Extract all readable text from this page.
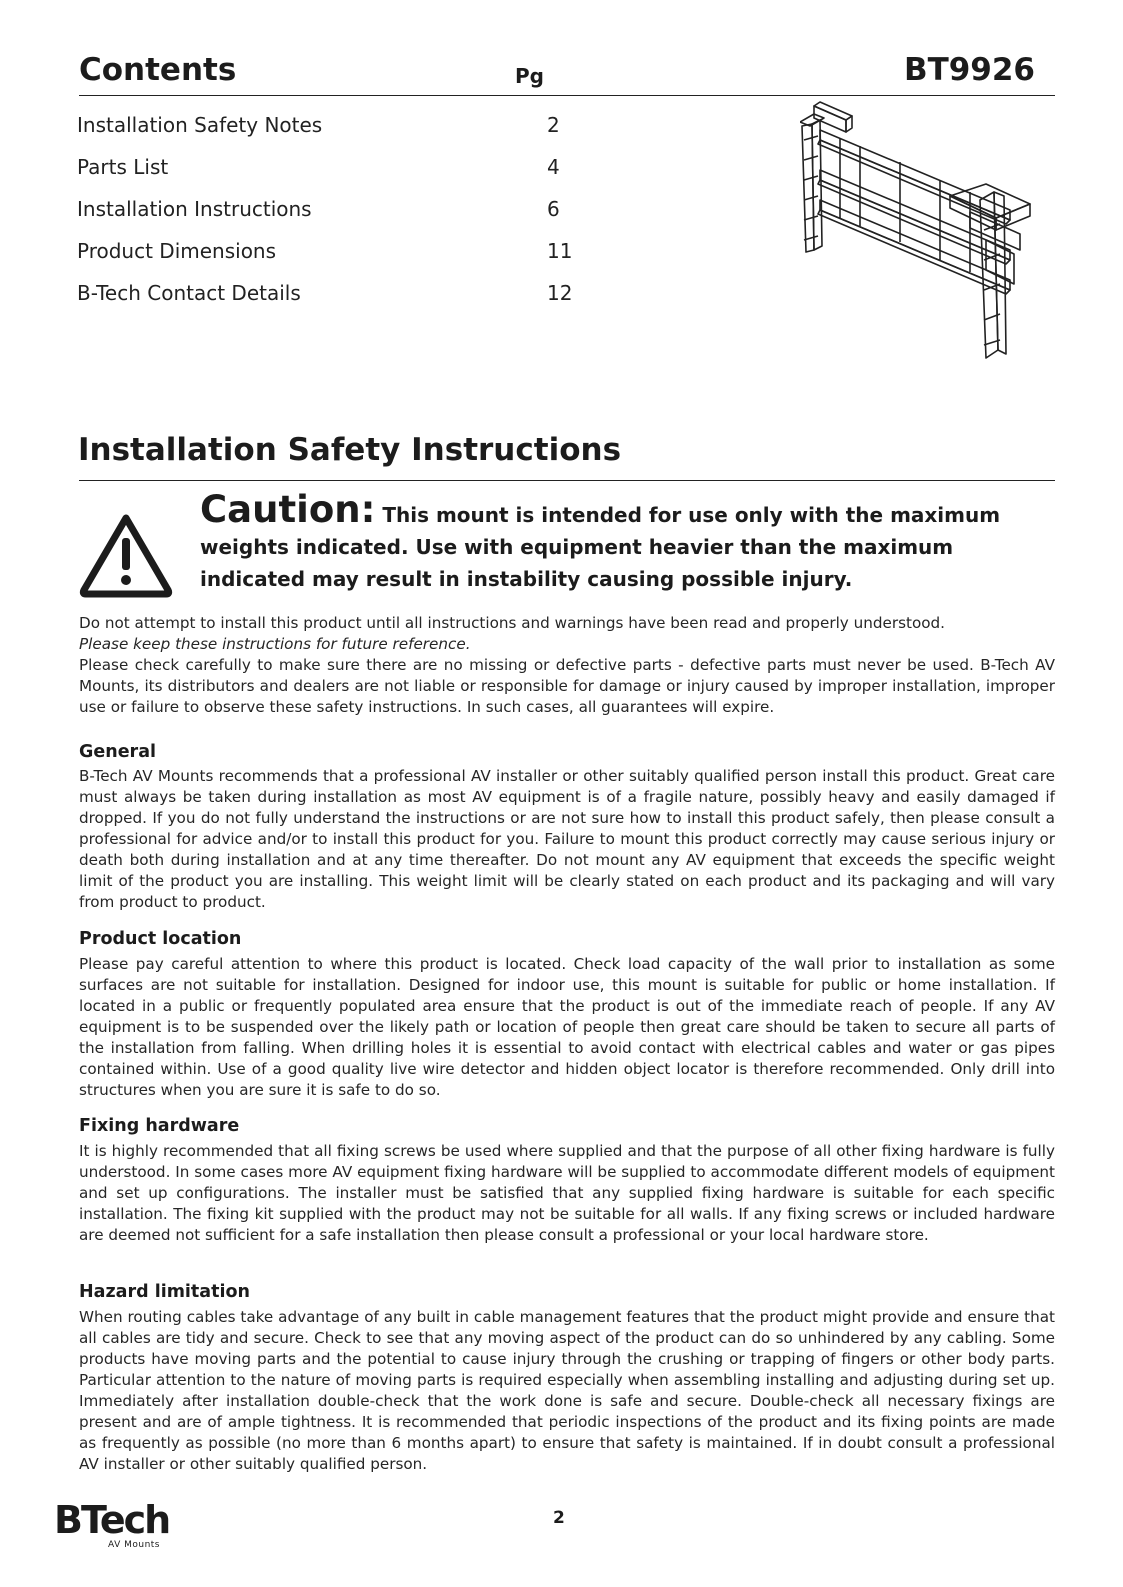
Contents	Pg	BT9926
Installation Safety Notes	2
Parts List	4
Installation Instructions	6
Product Dimensions	11
B-Tech Contact Details	12
Installation Safety Instructions
Caution: This mount is intended for use only with the maximum weights indicated. Use with equipment heavier than the maximum indicated may result in instability causing possible injury.

Do not attempt to install this product until all instructions and warnings have been read and properly understood.

Please keep these instructions for future reference.

Please check carefully to make sure there are no missing or defective parts - defective parts must never be used. B-Tech AV Mounts, its distributors and dealers are not liable or responsible for damage or injury caused by improper installation, improper use or failure to observe these safety instructions. In such cases, all guarantees will expire.

General
B-Tech AV Mounts recommends that a professional AV installer or other suitably qualified person install this product. Great care must always be taken during installation as most AV equipment is of a fragile nature, possibly heavy and easily damaged if dropped. If you do not fully understand the instructions or are not sure how to install this product safely, then please consult a professional for advice and/or to install this product for you. Failure to mount this product correctly may cause serious injury or death both during installation and at any time thereafter. Do not mount any AV equipment that exceeds the specific weight limit of the product you are installing. This weight limit will be clearly stated on each product and its packaging and will vary from product to product.
Product location
Please pay careful attention to where this product is located. Check load capacity of the wall prior to installation as some surfaces are not suitable for installation. Designed for indoor use, this mount is suitable for public or home installation. If located in a public or frequently populated area ensure that the product is out of the immediate reach of people. If any AV equipment is to be suspended over the likely path or location of people then great care should be taken to secure all parts of the installation from falling. When drilling holes it is essential to avoid contact with electrical cables and water or gas pipes contained within. Use of a good quality live wire detector and hidden object locator is therefore recommended. Only drill into structures when you are sure it is safe to do so.
Fixing hardware
It is highly recommended that all fixing screws be used where supplied and that the purpose of all other fixing hardware is fully understood. In some cases more AV equipment fixing hardware will be supplied to accommodate different models of equipment and set up configurations. The installer must be satisfied that any supplied fixing hardware is suitable for each specific installation. The fixing kit supplied with the product may not be suitable for all walls. If any fixing screws or included hardware are deemed not sufficient for a safe installation then please consult a professional or your local hardware store.
Hazard limitation
When routing cables take advantage of any built in cable management features that the product might provide and ensure that all cables are tidy and secure. Check to see that any moving aspect of the product can do so unhindered by any cabling. Some products have moving parts and the potential to cause injury through the crushing or trapping of fingers or other body parts. Particular attention to the nature of moving parts is required especially when assembling installing and adjusting during set up. Immediately after installation double-check that the work done is safe and secure. Double-check all necessary fixings are present and are of ample tightness. It is recommended that periodic inspections of the product and its fixing points are made as frequently as possible (no more than 6 months apart) to ensure that safety is maintained. If in doubt consult a professional AV installer or other suitably qualified person.
BTech
AV Mounts
2
